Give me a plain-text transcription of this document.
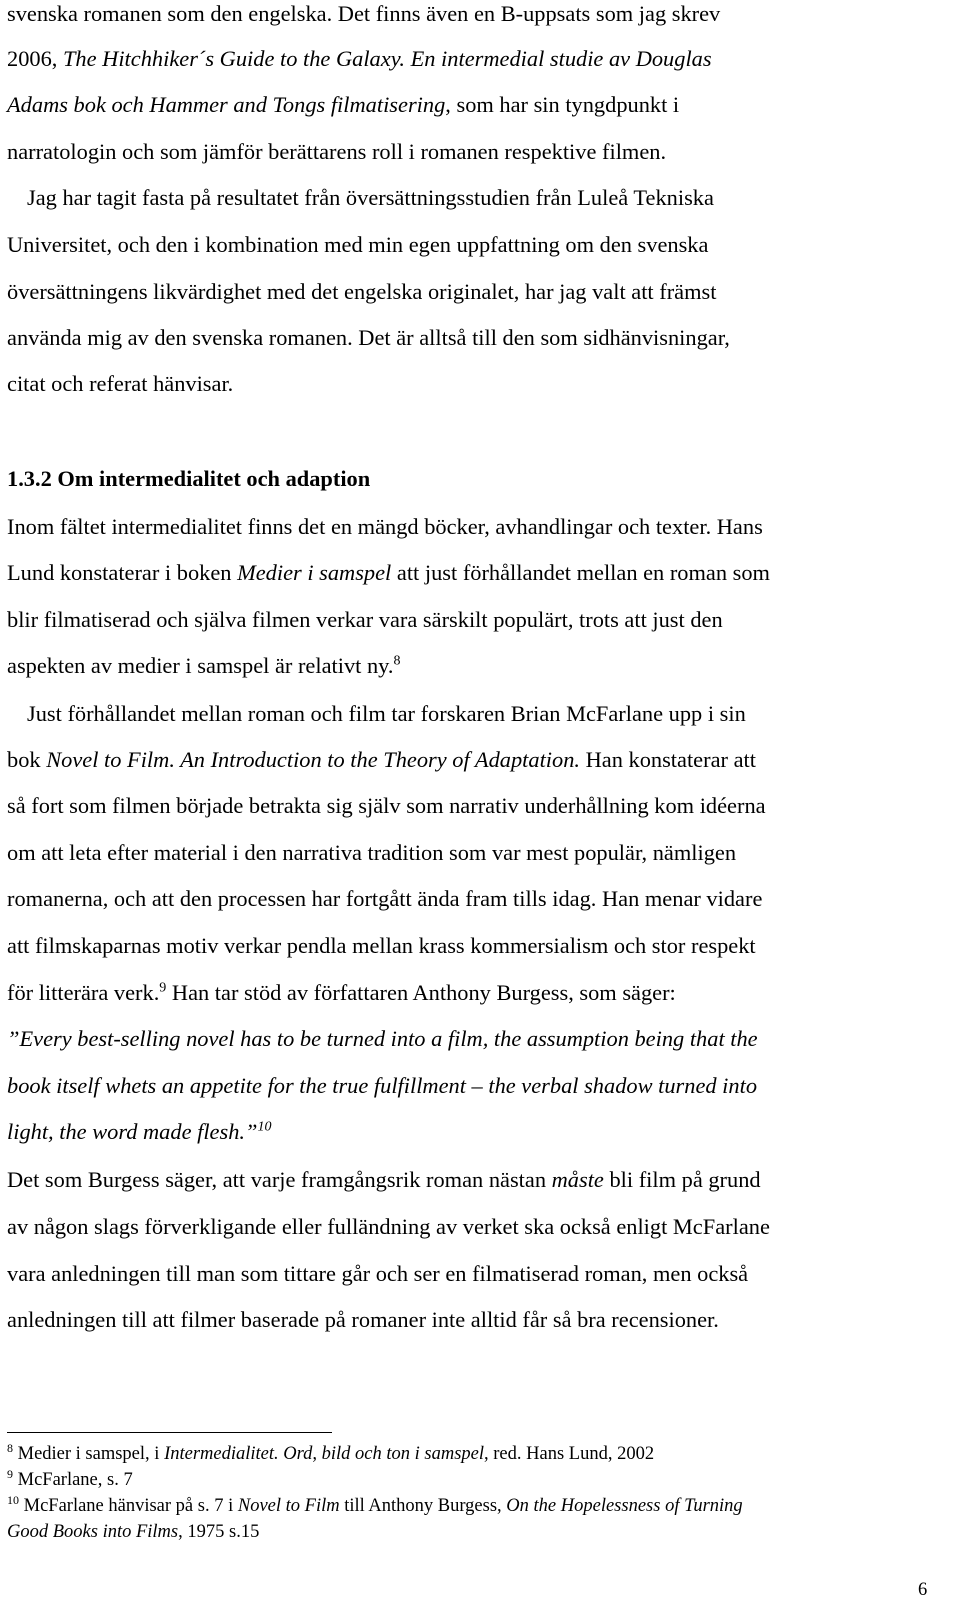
svenska romanen som den engelska. Det finns även en B-uppsats som jag skrev
2006, The Hitchhiker´s Guide to the Galaxy. En intermedial studie av Douglas
Adams bok och Hammer and Tongs filmatisering, som har sin tyngdpunkt i
narratologin och som jämför berättarens roll i romanen respektive filmen.
Jag har tagit fasta på resultatet från översättningsstudien från Luleå Tekniska
Universitet, och den i kombination med min egen uppfattning om den svenska
översättningens likvärdighet med det engelska originalet, har jag valt att främst
använda mig av den svenska romanen. Det är alltså till den som sidhänvisningar,
citat och referat hänvisar.
1.3.2 Om intermedialitet och adaption
Inom fältet intermedialitet finns det en mängd böcker, avhandlingar och texter. Hans
Lund konstaterar i boken Medier i samspel att just förhållandet mellan en roman som
blir filmatiserad och själva filmen verkar vara särskilt populärt, trots att just den
aspekten av medier i samspel är relativt ny.$^8$
Just förhållandet mellan roman och film tar forskaren Brian McFarlane upp i sin
bok Novel to Film. An Introduction to the Theory of Adaptation. Han konstaterar att
så fort som filmen började betrakta sig själv som narrativ underhållning kom idéerna
om att leta efter material i den narrativa tradition som var mest populär, nämligen
romanerna, och att den processen har fortgått ända fram tills idag. Han menar vidare
att filmskaparnas motiv verkar pendla mellan krass kommersialism och stor respekt
för litterära verk.$^9$ Han tar stöd av författaren Anthony Burgess, som säger:
”Every best-selling novel has to be turned into a film, the assumption being that the
book itself whets an appetite for the true fulfillment – the verbal shadow turned into
light, the word made flesh.”$^{10}$
Det som Burgess säger, att varje framgångsrik roman nästan måste bli film på grund
av någon slags förverkligande eller fulländning av verket ska också enligt McFarlane
vara anledningen till man som tittare går och ser en filmatiserad roman, men också
anledningen till att filmer baserade på romaner inte alltid får så bra recensioner.
$^8$ Medier i samspel, i Intermedialitet. Ord, bild och ton i samspel, red. Hans Lund, 2002
$^9$ McFarlane, s. 7
$^{10}$ McFarlane hänvisar på s. 7 i Novel to Film till Anthony Burgess, On the Hopelessness of Turning
Good Books into Films, 1975 s.15
6
